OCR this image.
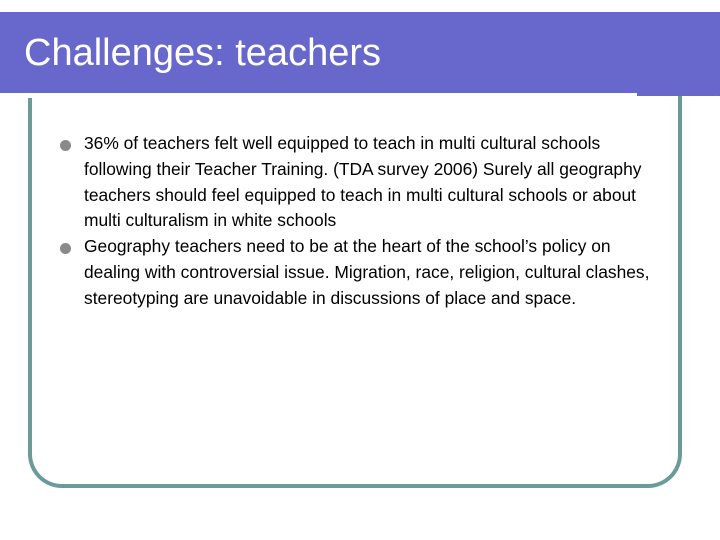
Challenges: teachers
36% of teachers felt well equipped to teach in multi cultural schools following their Teacher Training. (TDA survey 2006) Surely all geography teachers should feel equipped to teach in multi cultural schools or about multi culturalism in white schools
Geography teachers need to be at the heart of the school’s policy on dealing with controversial issue. Migration, race, religion, cultural clashes, stereotyping are unavoidable in discussions of place and space.
